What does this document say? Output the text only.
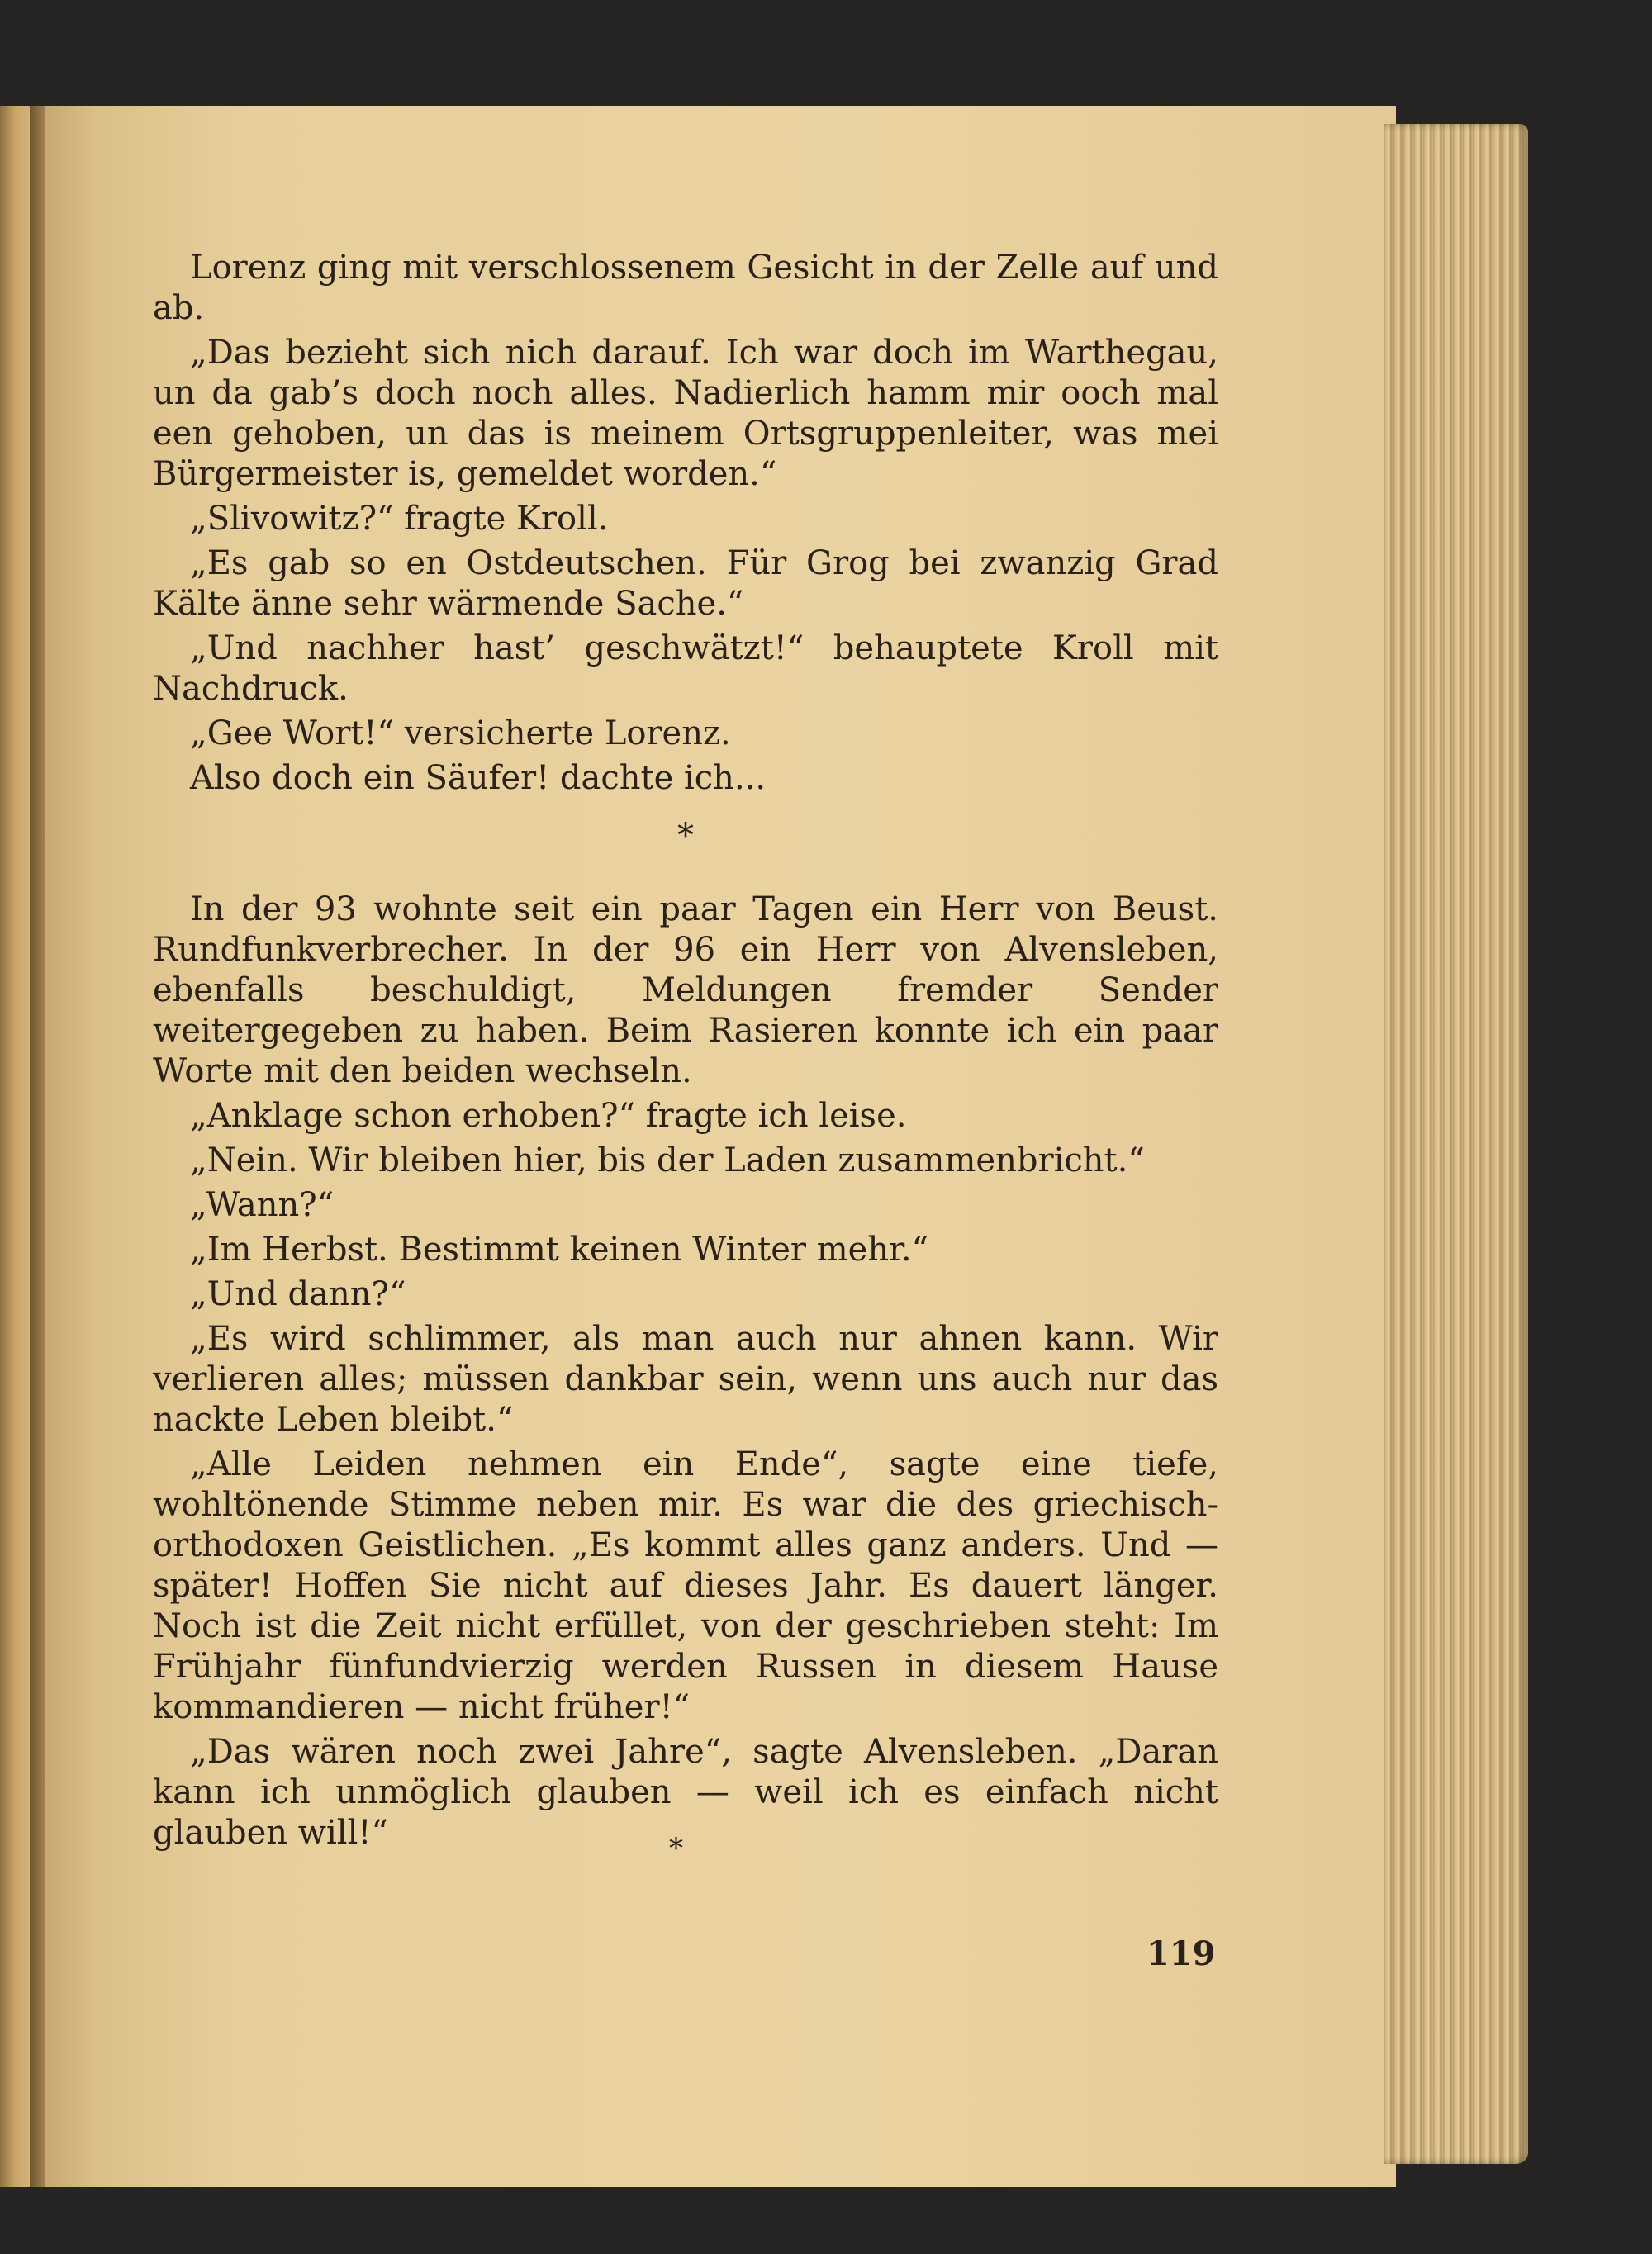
Lorenz ging mit verschlossenem Gesicht in der Zelle auf und ab.

„Das bezieht sich nich darauf. Ich war doch im Warthegau, un da gab’s doch noch alles. Nadierlich hamm mir ooch mal een gehoben, un das is meinem Ortsgruppenleiter, was mei Bürgermeister is, gemeldet worden.“

„Slivowitz?“ fragte Kroll.

„Es gab so en Ostdeutschen. Für Grog bei zwanzig Grad Kälte änne sehr wärmende Sache.“

„Und nachher hast’ geschwätzt!“ behauptete Kroll mit Nachdruck.

„Gee Wort!“ versicherte Lorenz.

Also doch ein Säufer! dachte ich...

*

In der 93 wohnte seit ein paar Tagen ein Herr von Beust. Rundfunkverbrecher. In der 96 ein Herr von Alvensleben, ebenfalls beschuldigt, Meldungen fremder Sender weitergegeben zu haben. Beim Rasieren konnte ich ein paar Worte mit den beiden wechseln.

„Anklage schon erhoben?“ fragte ich leise.

„Nein. Wir bleiben hier, bis der Laden zusammenbricht.“

„Wann?“

„Im Herbst. Bestimmt keinen Winter mehr.“

„Und dann?“

„Es wird schlimmer, als man auch nur ahnen kann. Wir verlieren alles; müssen dankbar sein, wenn uns auch nur das nackte Leben bleibt.“

„Alle Leiden nehmen ein Ende“, sagte eine tiefe, wohltönende Stimme neben mir. Es war die des griechisch-orthodoxen Geistlichen. „Es kommt alles ganz anders. Und — später! Hoffen Sie nicht auf dieses Jahr. Es dauert länger. Noch ist die Zeit nicht erfüllet, von der geschrieben steht: Im Frühjahr fünfundvierzig werden Russen in diesem Hause kommandieren — nicht früher!“

„Das wären noch zwei Jahre“, sagte Alvensleben. „Daran kann ich unmöglich glauben — weil ich es einfach nicht glauben will!“	*
119
